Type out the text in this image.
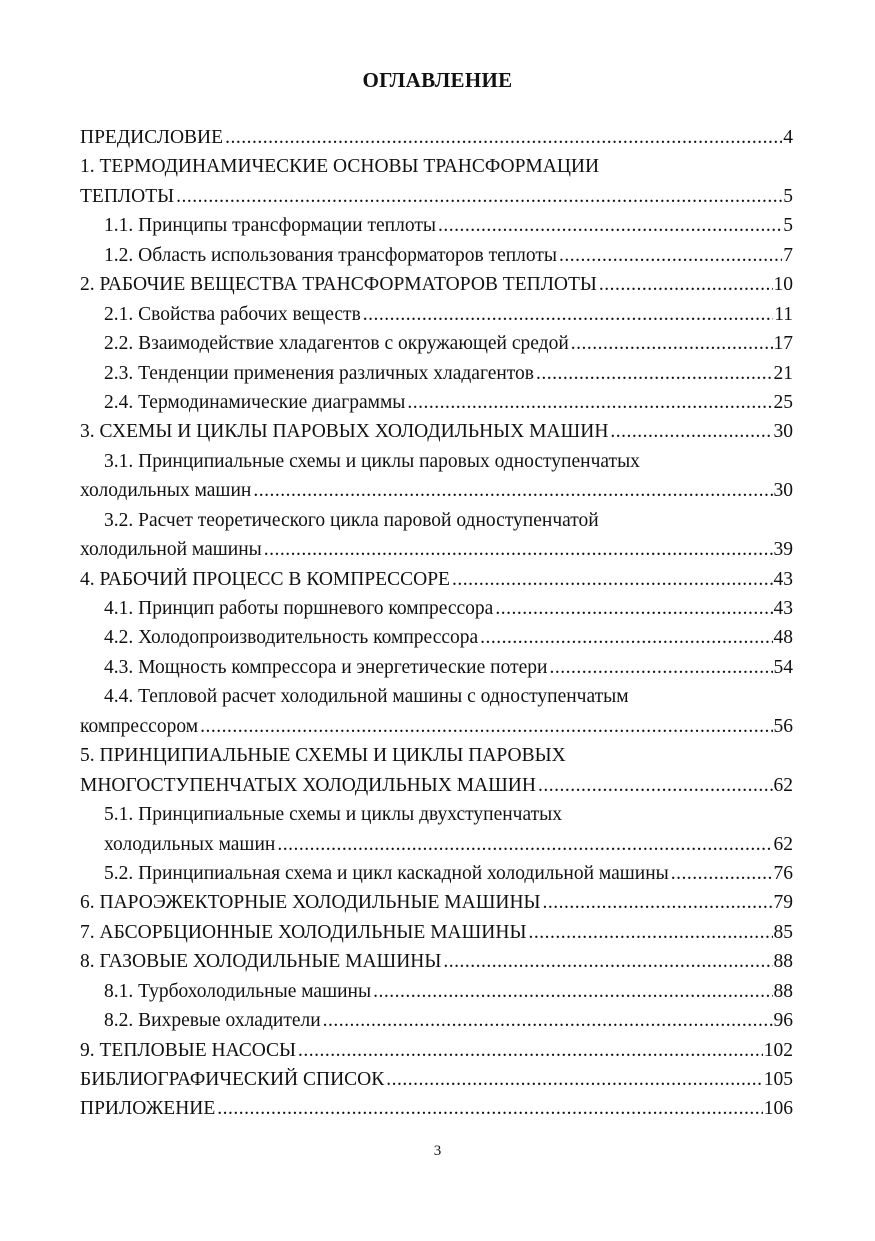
ОГЛАВЛЕНИЕ
ПРЕДИСЛОВИЕ .....	4
1. ТЕРМОДИНАМИЧЕСКИЕ ОСНОВЫ ТРАНСФОРМАЦИИ
ТЕПЛОТЫ .....	5
1.1. Принципы трансформации теплоты .....	5
1.2. Область использования трансформаторов теплоты .....	7
2. РАБОЧИЕ ВЕЩЕСТВА ТРАНСФОРМАТОРОВ ТЕПЛОТЫ .....	10
2.1. Свойства рабочих веществ .....	11
2.2. Взаимодействие хладагентов с окружающей средой .....	17
2.3. Тенденции применения различных хладагентов .....	21
2.4. Термодинамические диаграммы .....	25
3. СХЕМЫ И ЦИКЛЫ ПАРОВЫХ ХОЛОДИЛЬНЫХ МАШИН .....	30
3.1. Принципиальные схемы и циклы паровых одноступенчатых
холодильных машин .....	30
3.2. Расчет теоретического цикла паровой одноступенчатой
холодильной машины .....	39
4. РАБОЧИЙ ПРОЦЕСС В КОМПРЕССОРЕ .....	43
4.1. Принцип работы поршневого компрессора .....	43
4.2. Холодопроизводительность компрессора .....	48
4.3. Мощность компрессора и энергетические потери .....	54
4.4. Тепловой расчет холодильной машины с одноступенчатым
компрессором .....	56
5. ПРИНЦИПИАЛЬНЫЕ СХЕМЫ И ЦИКЛЫ ПАРОВЫХ
МНОГОСТУПЕНЧАТЫХ ХОЛОДИЛЬНЫХ МАШИН .....	62
5.1. Принципиальные схемы и циклы двухступенчатых
холодильных машин .....	62
5.2. Принципиальная схема и цикл каскадной холодильной машины .....	76
6. ПАРОЭЖЕКТОРНЫЕ ХОЛОДИЛЬНЫЕ МАШИНЫ .....	79
7. АБСОРБЦИОННЫЕ ХОЛОДИЛЬНЫЕ МАШИНЫ .....	85
8. ГАЗОВЫЕ ХОЛОДИЛЬНЫЕ МАШИНЫ .....	88
8.1. Турбохолодильные машины .....	88
8.2. Вихревые охладители .....	96
9. ТЕПЛОВЫЕ НАСОСЫ .....	102
БИБЛИОГРАФИЧЕСКИЙ СПИСОК .....	105
ПРИЛОЖЕНИЕ .....	106
3
